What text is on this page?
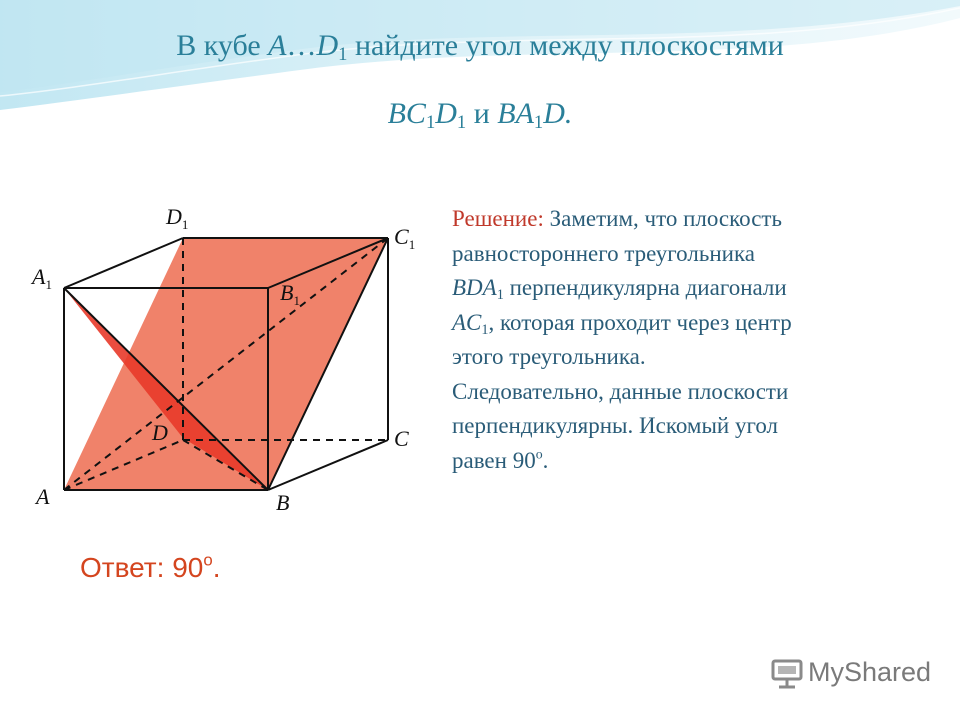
В кубе $A\dots D_1$ найдите угол между плоскостями
$BC_1D_1$ и $BA_1D$.
A	B
C
D
$A_1$	$B_1$
$C_1$
$D_1$	Решение: Заметим, что плоскость
равностороннего треугольника
$BDA_1$ перпендикулярна диагонали
$AC_1$, которая проходит через центр
этого треугольника.
Следовательно, данные плоскости
перпендикулярны. Искомый угол
равен 90$^o$.
Ответ: 90$^o$.
MyShared
